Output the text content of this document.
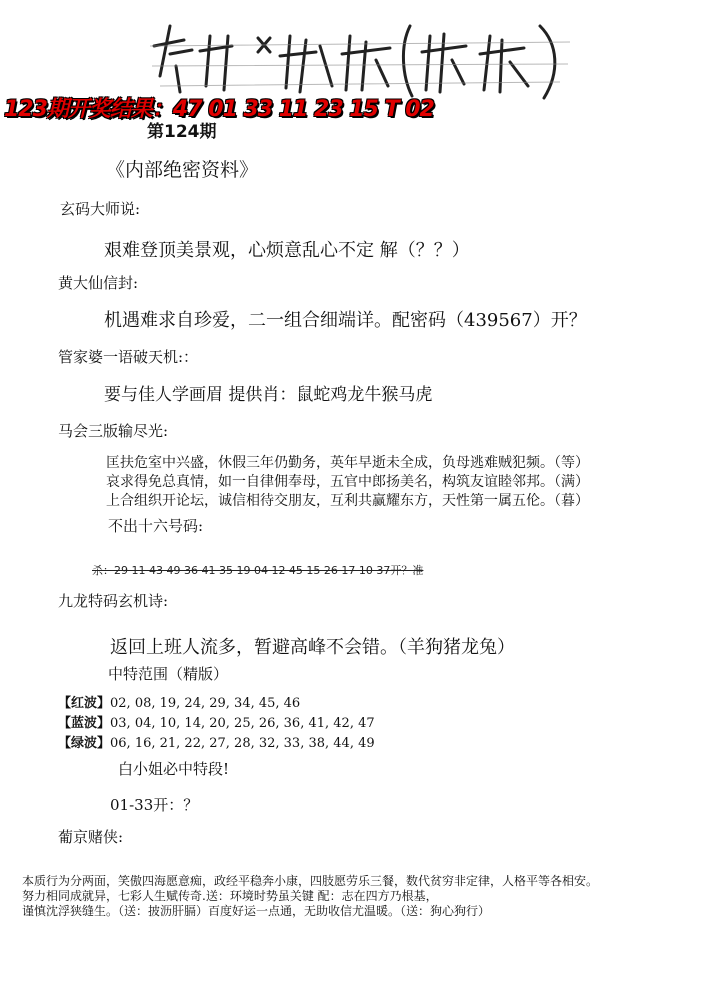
123期开奖结果：47 01 33 11 23 15 T 02
第124期
《内部绝密资料》
玄码大师说:
艰难登顶美景观，心烦意乱心不定 解（？？）
黄大仙信封:
机遇难求自珍爱，二一组合细端详。配密码（439567）开？
管家婆一语破天机:：
要与佳人学画眉 提供肖：鼠蛇鸡龙牛猴马虎
马会三版输尽光:
匡扶危室中兴盛，休假三年仍勤务，英年早逝未全成，负母逃难贼犯频。（等）
哀求得免总真情，如一自律佣奉母，五官中郎扬美名，构筑友谊睦邻邦。（满）
上合组织开论坛，诚信相待交朋友，互利共赢耀东方，天性第一属五伦。（暮）
不出十六号码:
杀：29 11 43 49 36 41 35 19 04 12 45 15 26 17 10 37开？准
九龙特码玄机诗:
返回上班人流多，暂避高峰不会错。（羊狗猪龙兔）
中特范围（精版）
【红波】02, 08, 19, 24, 29, 34, 45, 46
【蓝波】03, 04, 10, 14, 20, 25, 26, 36, 41, 42, 47
【绿波】06, 16, 21, 22, 27, 28, 32, 33, 38, 44, 49
白小姐必中特段!
01-33开：？
葡京赌侠:
本质行为分两面，笑傲四海愿意痴，政经平稳奔小康，四肢愿劳乐三餐，数代贫穷非定律，人格平等各相安。
努力相同成就异，七彩人生赋传奇.送：环境时势虽关键 配：志在四方乃根基，
谨慎沈浮狭缝生。（送：披沥肝膈）百度好运一点通，无助收信尤温暖。（送：狗心狗行）
